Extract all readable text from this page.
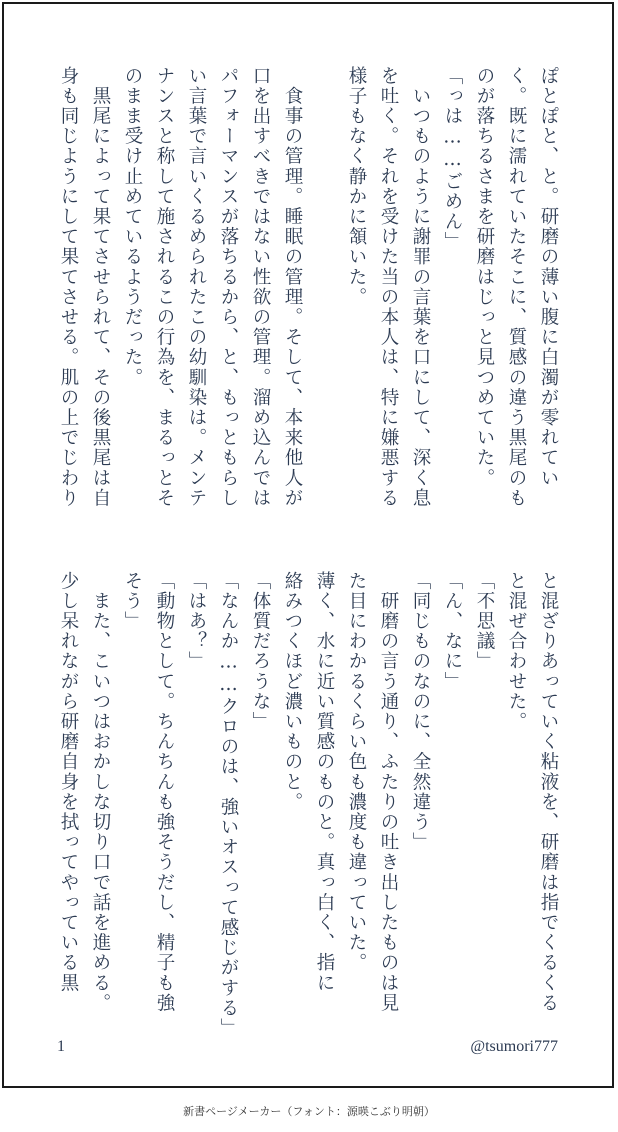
ぽとぽと、と。研磨の薄い腹に白濁が零れてい
く。既に濡れていたそこに、質感の違う黒尾のも
のが落ちるさまを研磨はじっと見つめていた。
「っは……ごめん」
　いつものように謝罪の言葉を口にして、深く息
を吐く。それを受けた当の本人は、特に嫌悪する
様子もなく静かに頷いた。

　食事の管理。睡眠の管理。そして、本来他人が
口を出すべきではない性欲の管理。溜め込んでは
パフォーマンスが落ちるから、と、もっともらし
い言葉で言いくるめられたこの幼馴染は。メンテ
ナンスと称して施されるこの行為を、まるっとそ
のまま受け止めているようだった。
　黒尾によって果てさせられて、その後黒尾は自
身も同じようにして果てさせる。肌の上でじわり
と混ざりあっていく粘液を、研磨は指でくるくる
と混ぜ合わせた。
「不思議」
「ん、なに」
「同じものなのに、全然違う」
　研磨の言う通り、ふたりの吐き出したものは見
た目にわかるくらい色も濃度も違っていた。
薄く、水に近い質感のものと。真っ白く、指に
絡みつくほど濃いものと。
「体質だろうな」
「なんか……クロのは、強いオスって感じがする」
「はあ？」
「動物として。ちんちんも強そうだし、精子も強
そう」
　また、こいつはおかしな切り口で話を進める。
少し呆れながら研磨自身を拭ってやっている黒
1	@tsumori777
新書ページメーカー（フォント：源暎こぶり明朝）
